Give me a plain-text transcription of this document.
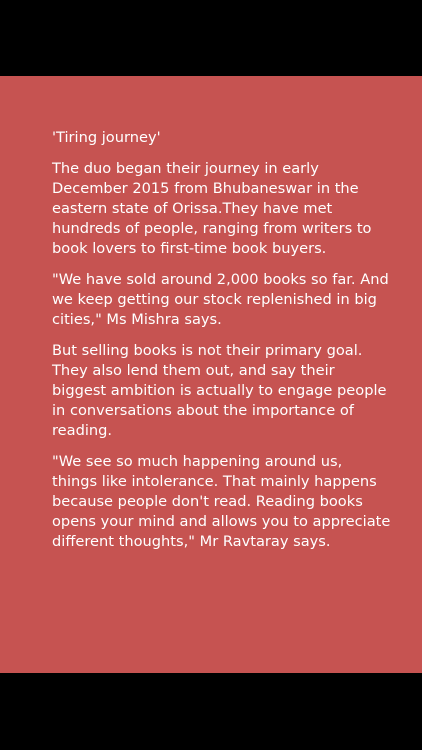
'Tiring journey'

The duo began their journey in early December 2015 from Bhubaneswar in the eastern state of Orissa.They have met hundreds of people, ranging from writers to book lovers to first-time book buyers.

"We have sold around 2,000 books so far. And we keep getting our stock replenished in big cities," Ms Mishra says.

But selling books is not their primary goal. They also lend them out, and say their biggest ambition is actually to engage people in conversations about the importance of reading.

"We see so much happening around us, things like intolerance. That mainly happens because people don't read. Reading books opens your mind and allows you to appreciate different thoughts," Mr Ravtaray says.
